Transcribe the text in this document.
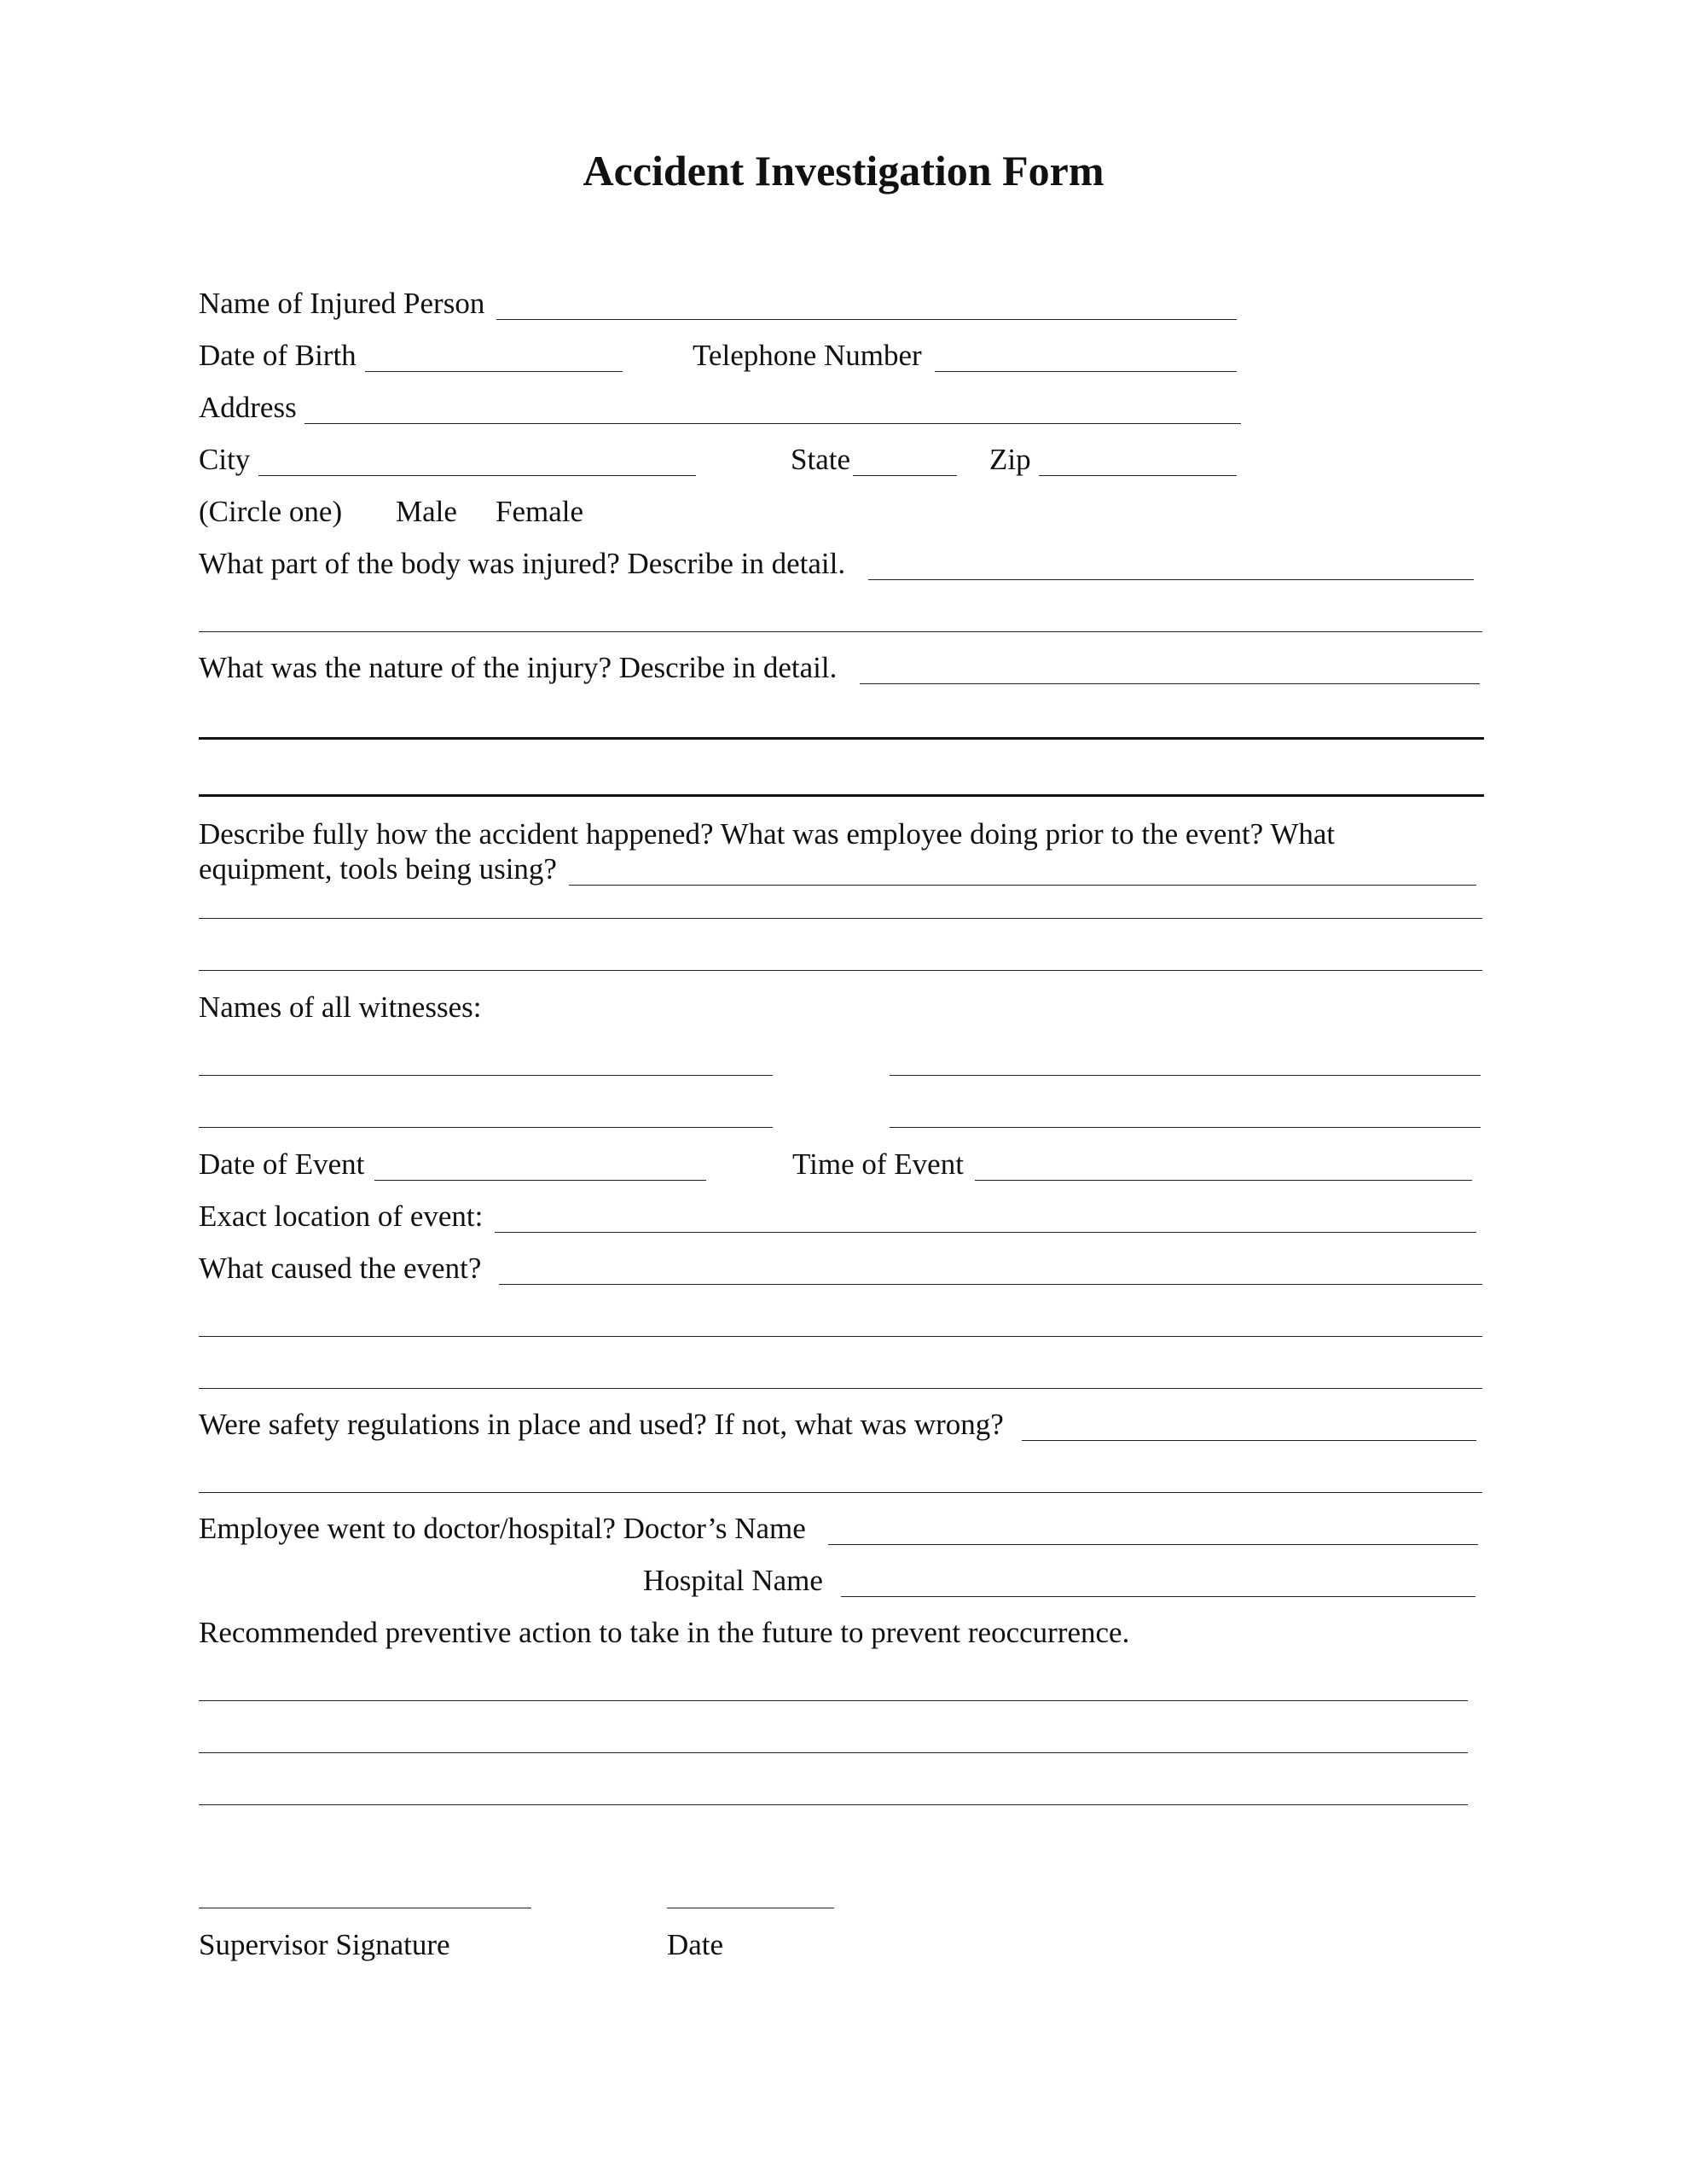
Accident Investigation Form
Name of Injured Person
Date of Birth	Telephone Number
Address
City	State	Zip
(Circle one) Male Female
What part of the body was injured? Describe in detail.
What was the nature of the injury? Describe in detail.
Describe fully how the accident happened? What was employee doing prior to the event? What
equipment, tools being using?
Names of all witnesses:
Date of Event	Time of Event
Exact location of event:
What caused the event?
Were safety regulations in place and used? If not, what was wrong?
Employee went to doctor/hospital? Doctor’s Name
Hospital Name
Recommended preventive action to take in the future to prevent reoccurrence.
Supervisor Signature	Date
